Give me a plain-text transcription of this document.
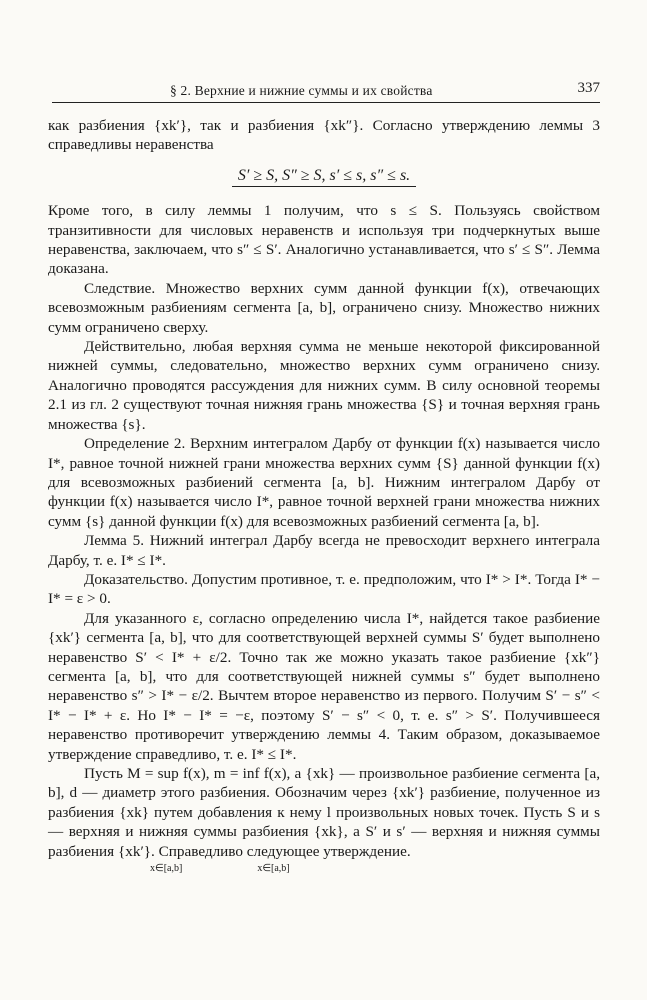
§ 2. Верхние и нижние суммы и их свойства	337

как разбиения {xk′}, так и разбиения {xk″}. Согласно утверждению леммы 3 справедливы неравенства

S′ ≥ S, S″ ≥ S, s′ ≤ s, s″ ≤ s.

Кроме того, в силу леммы 1 получим, что s ≤ S. Пользуясь свойством транзитивности для числовых неравенств и используя три подчеркнутых выше неравенства, заключаем, что s″ ≤ S′. Аналогично устанавливается, что s′ ≤ S″. Лемма доказана.

Следствие. Множество верхних сумм данной функции f(x), отвечающих всевозможным разбиениям сегмента [a, b], ограничено снизу. Множество нижних сумм ограничено сверху.

Действительно, любая верхняя сумма не меньше некоторой фиксированной нижней суммы, следовательно, множество верхних сумм ограничено снизу. Аналогично проводятся рассуждения для нижних сумм. В силу основной теоремы 2.1 из гл. 2 существуют точная нижняя грань множества {S} и точная верхняя грань множества {s}.

Определение 2. Верхним интегралом Дарбу от функции f(x) называется число I*, равное точной нижней грани множества верхних сумм {S} данной функции f(x) для всевозможных разбиений сегмента [a, b]. Нижним интегралом Дарбу от функции f(x) называется число I*, равное точной верхней грани множества нижних сумм {s} данной функции f(x) для всевозможных разбиений сегмента [a, b].

Лемма 5. Нижний интеграл Дарбу всегда не превосходит верхнего интеграла Дарбу, т. е. I* ≤ I*.

Доказательство. Допустим противное, т. е. предположим, что I* > I*. Тогда I* − I* = ε > 0.

Для указанного ε, согласно определению числа I*, найдется такое разбиение {xk′} сегмента [a, b], что для соответствующей верхней суммы S′ будет выполнено неравенство S′ < I* + ε/2. Точно так же можно указать такое разбиение {xk″} сегмента [a, b], что для соответствующей нижней суммы s″ будет выполнено неравенство s″ > I* − ε/2. Вычтем второе неравенство из первого. Получим S′ − s″ < I* − I* + ε. Но I* − I* = −ε, поэтому S′ − s″ < 0, т. е. s″ > S′. Получившееся неравенство противоречит утверждению леммы 4. Таким образом, доказываемое утверждение справедливо, т. е. I* ≤ I*.

Пусть M = sup f(x), m = inf f(x), а {xk} — произвольное разбиение сегмента [a, b], d — диаметр этого разбиения. Обозначим через {xk′} разбиение, полученное из разбиения {xk} путем добавления к нему l произвольных новых точек. Пусть S и s — верхняя и нижняя суммы разбиения {xk}, а S′ и s′ — верхняя и нижняя суммы разбиения {xk′}. Справедливо следующее утверждение.

x∈[a,b]	x∈[a,b]
